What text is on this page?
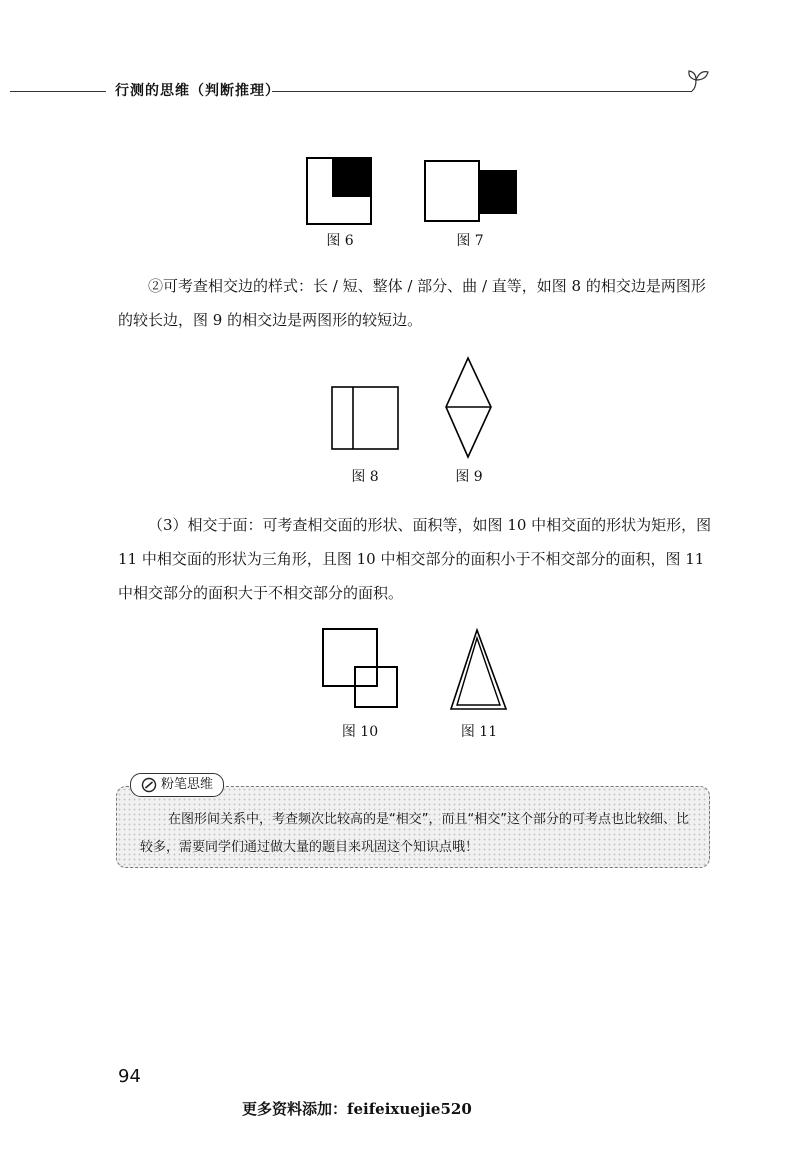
行测的思维（判断推理）
图 6	图 7
②可考查相交边的样式：长 / 短、整体 / 部分、曲 / 直等，如图 8 的相交边是两图形的较长边，图 9 的相交边是两图形的较短边。
图 8	图 9
（3）相交于面：可考查相交面的形状、面积等，如图 10 中相交面的形状为矩形，图 11 中相交面的形状为三角形，且图 10 中相交部分的面积小于不相交部分的面积，图 11 中相交部分的面积大于不相交部分的面积。
图 10	图 11
粉笔思维
在图形间关系中，考查频次比较高的是“相交”，而且“相交”这个部分的可考点也比较细、比较多，需要同学们通过做大量的题目来巩固这个知识点哦！
94
更多资料添加：feifeixuejie520
